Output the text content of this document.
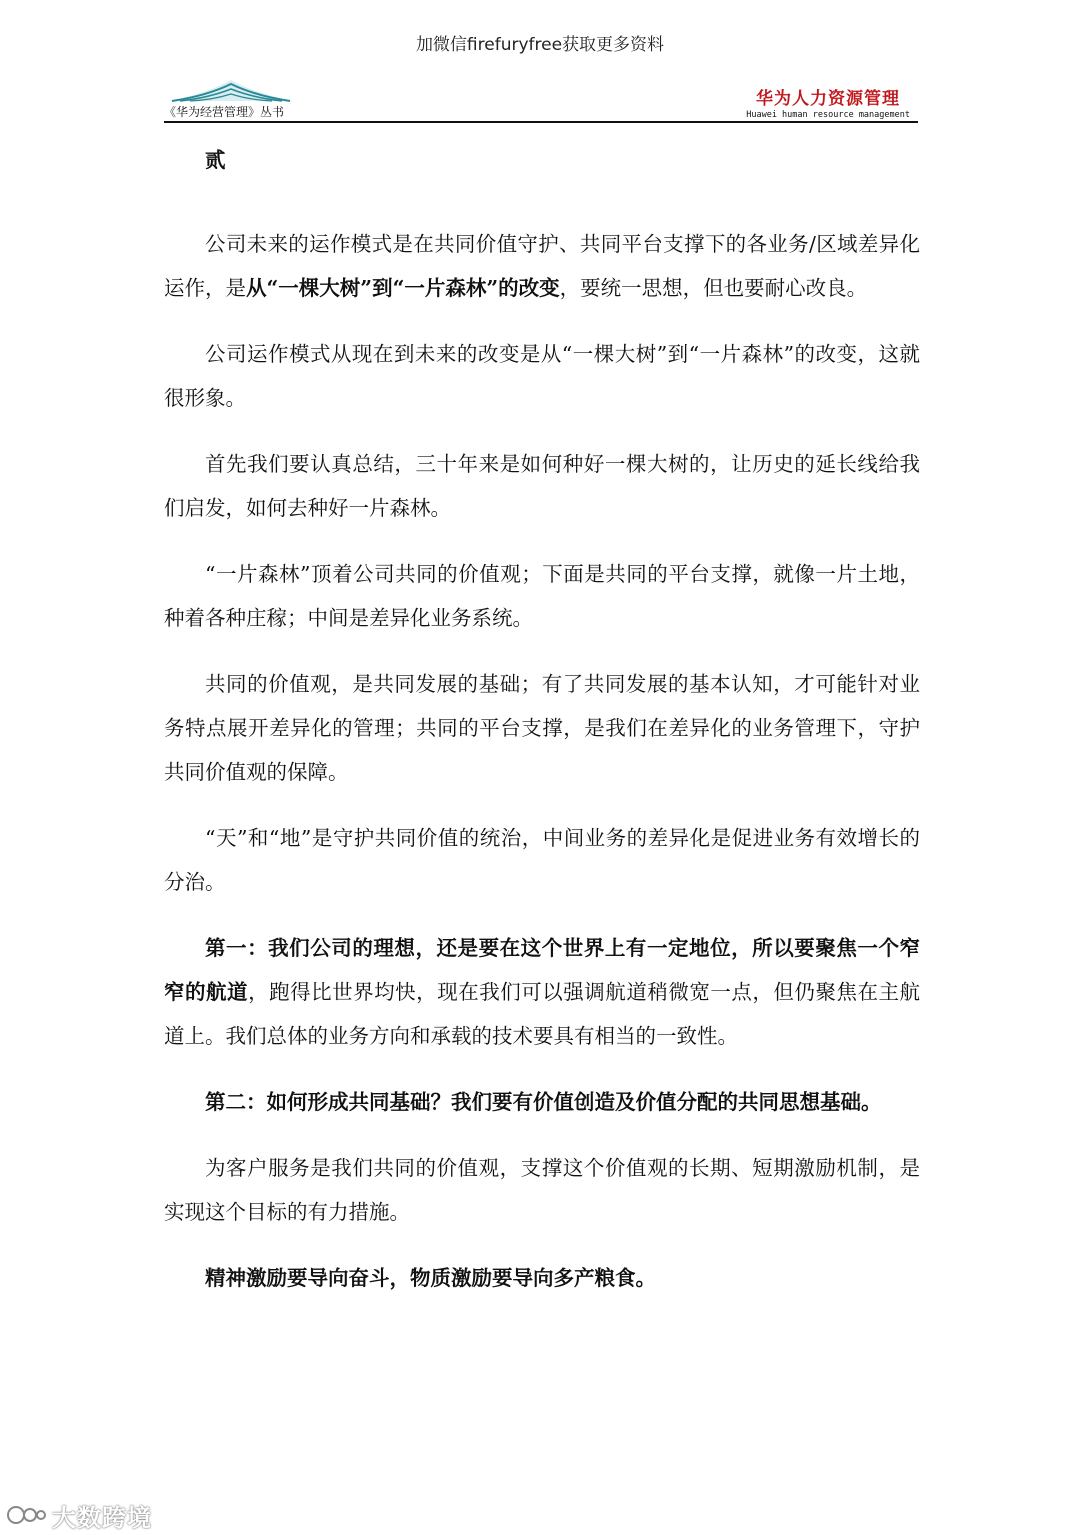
加微信firefuryfree获取更多资料
《华为经营管理》丛书
华为人力资源管理
Huawei human resource management

贰

公司未来的运作模式是在共同价值守护、共同平台支撑下的各业务/区域差异化运作，是从“一棵大树”到“一片森林”的改变，要统一思想，但也要耐心改良。

公司运作模式从现在到未来的改变是从“一棵大树”到“一片森林”的改变，这就很形象。

首先我们要认真总结，三十年来是如何种好一棵大树的，让历史的延长线给我们启发，如何去种好一片森林。

“一片森林”顶着公司共同的价值观；下面是共同的平台支撑，就像一片土地，种着各种庄稼；中间是差异化业务系统。

共同的价值观，是共同发展的基础；有了共同发展的基本认知，才可能针对业务特点展开差异化的管理；共同的平台支撑，是我们在差异化的业务管理下，守护共同价值观的保障。

“天”和“地”是守护共同价值的统治，中间业务的差异化是促进业务有效增长的分治。

第一：我们公司的理想，还是要在这个世界上有一定地位，所以要聚焦一个窄窄的航道，跑得比世界均快，现在我们可以强调航道稍微宽一点，但仍聚焦在主航道上。我们总体的业务方向和承载的技术要具有相当的一致性。

第二：如何形成共同基础？我们要有价值创造及价值分配的共同思想基础。

为客户服务是我们共同的价值观，支撑这个价值观的长期、短期激励机制，是实现这个目标的有力措施。

精神激励要导向奋斗，物质激励要导向多产粮食。

大数跨境
